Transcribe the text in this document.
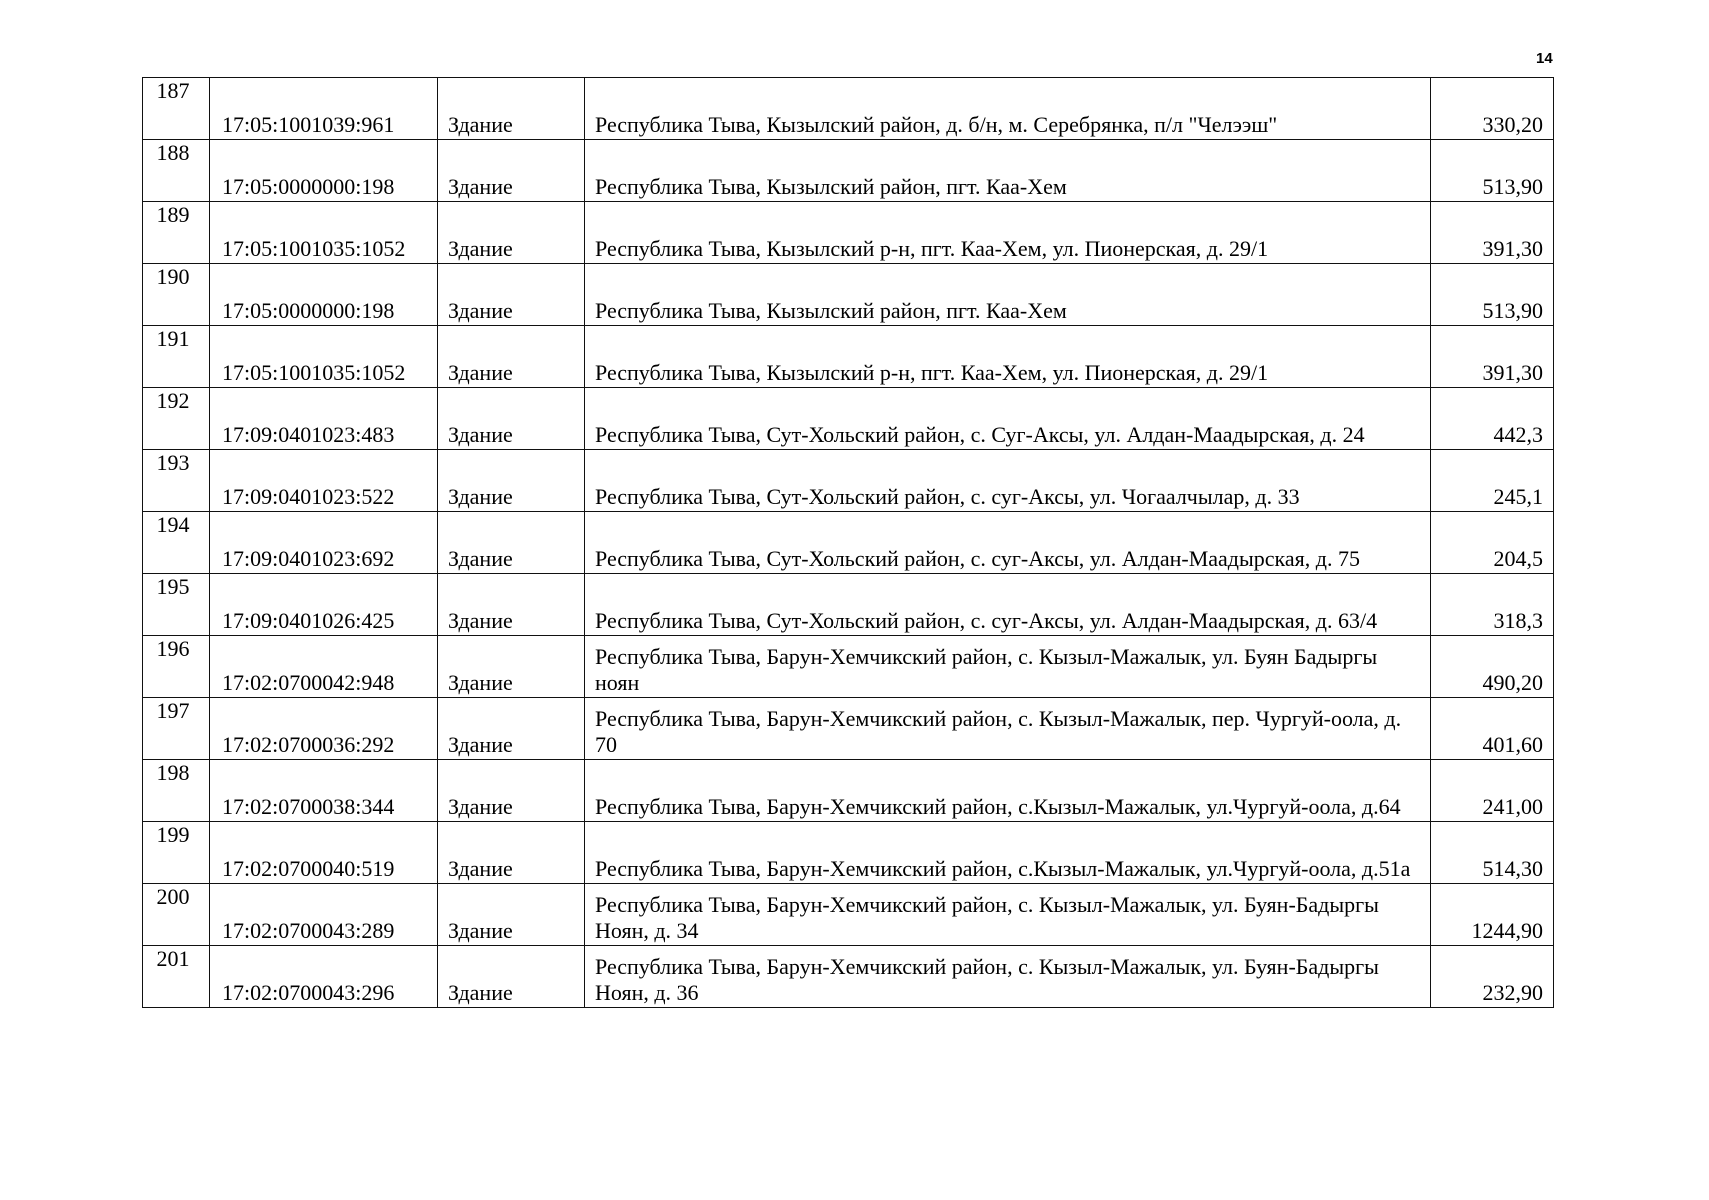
14
187	17:05:1001039:961	Здание	Республика Тыва, Кызылский район, д. б/н, м. Серебрянка, п/л "Челээш"	330,20

188	17:05:0000000:198	Здание	Республика Тыва, Кызылский район, пгт. Каа-Хем	513,90

189	17:05:1001035:1052	Здание	Республика Тыва, Кызылский р-н, пгт. Каа-Хем, ул. Пионерская, д. 29/1	391,30

190	17:05:0000000:198	Здание	Республика Тыва, Кызылский район, пгт. Каа-Хем	513,90

191	17:05:1001035:1052	Здание	Республика Тыва, Кызылский р-н, пгт. Каа-Хем, ул. Пионерская, д. 29/1	391,30

192	17:09:0401023:483	Здание	Республика Тыва, Сут-Хольский район, с. Суг-Аксы, ул. Алдан-Маадырская, д. 24	442,3

193	17:09:0401023:522	Здание	Республика Тыва, Сут-Хольский район, с. суг-Аксы, ул. Чогаалчылар, д. 33	245,1

194	17:09:0401023:692	Здание	Республика Тыва, Сут-Хольский район, с. суг-Аксы, ул. Алдан-Маадырская, д. 75	204,5

195	17:09:0401026:425	Здание	Республика Тыва, Сут-Хольский район, с. суг-Аксы, ул. Алдан-Маадырская, д. 63/4	318,3

196	17:02:0700042:948	Здание	Республика Тыва, Барун-Хемчикский район, с. Кызыл-Мажалык, ул. Буян Бадыргы ноян	490,20

197	17:02:0700036:292	Здание	Республика Тыва, Барун-Хемчикский район, с. Кызыл-Мажалык, пер. Чургуй-оола, д. 70	401,60

198	17:02:0700038:344	Здание	Республика Тыва, Барун-Хемчикский район, с.Кызыл-Мажалык, ул.Чургуй-оола, д.64	241,00

199	17:02:0700040:519	Здание	Республика Тыва, Барун-Хемчикский район, с.Кызыл-Мажалык, ул.Чургуй-оола, д.51а	514,30

200	17:02:0700043:289	Здание	Республика Тыва, Барун-Хемчикский район, с. Кызыл-Мажалык, ул. Буян-Бадыргы Ноян, д. 34	1244,90

201	17:02:0700043:296	Здание	Республика Тыва, Барун-Хемчикский район, с. Кызыл-Мажалык, ул. Буян-Бадыргы Ноян, д. 36	232,90
